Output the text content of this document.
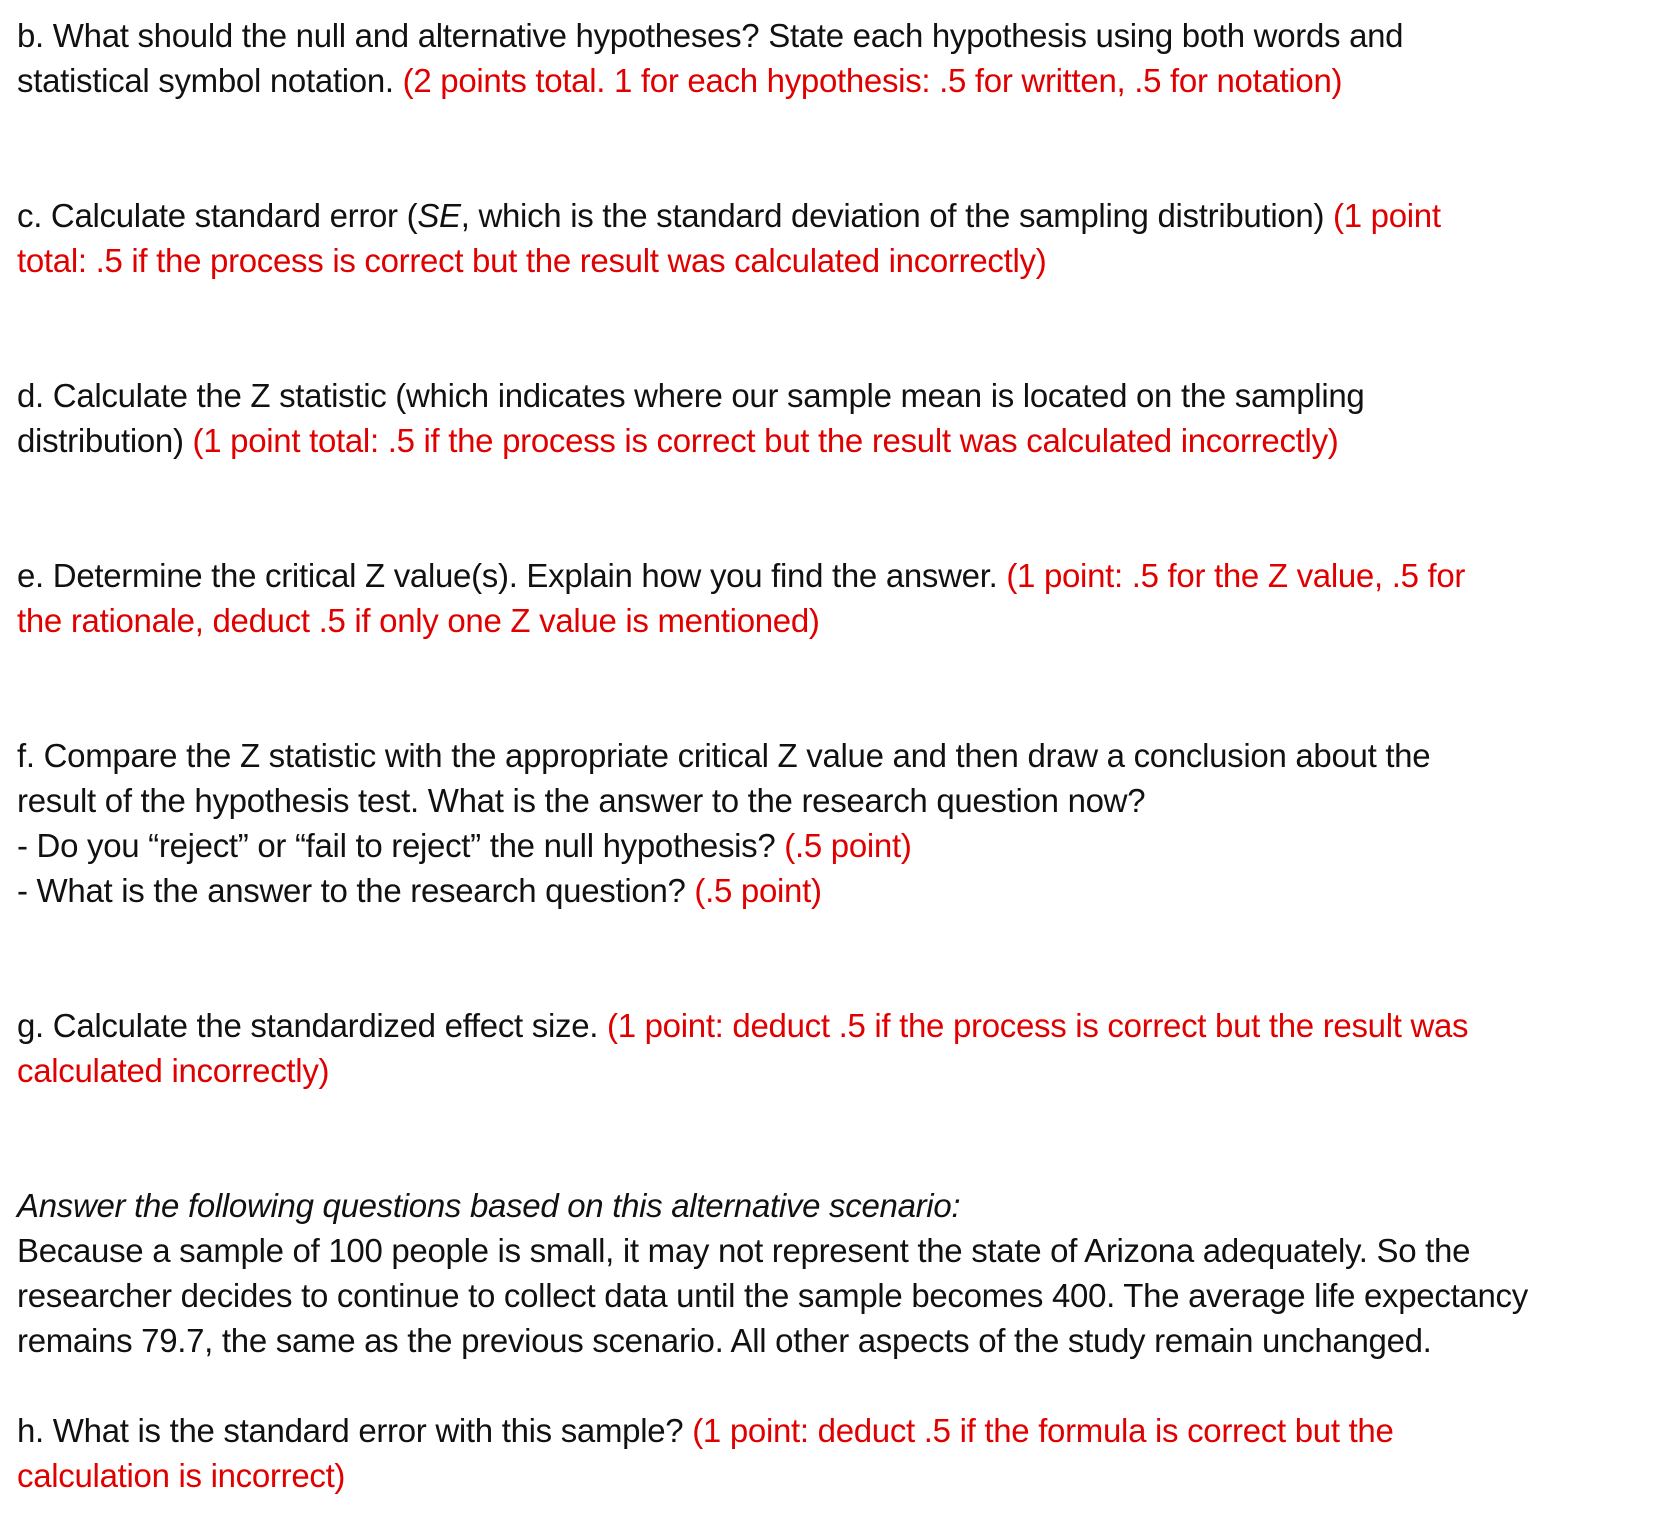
b. What should the null and alternative hypotheses? State each hypothesis using both words and
statistical symbol notation. (2 points total. 1 for each hypothesis: .5 for written, .5 for notation)
c. Calculate standard error (SE, which is the standard deviation of the sampling distribution) (1 point
total: .5 if the process is correct but the result was calculated incorrectly)
d. Calculate the Z statistic (which indicates where our sample mean is located on the sampling
distribution) (1 point total: .5 if the process is correct but the result was calculated incorrectly)
e. Determine the critical Z value(s). Explain how you find the answer. (1 point: .5 for the Z value, .5 for
the rationale, deduct .5 if only one Z value is mentioned)
f. Compare the Z statistic with the appropriate critical Z value and then draw a conclusion about the
result of the hypothesis test. What is the answer to the research question now?
- Do you “reject” or “fail to reject” the null hypothesis? (.5 point)
- What is the answer to the research question? (.5 point)
g. Calculate the standardized effect size. (1 point: deduct .5 if the process is correct but the result was
calculated incorrectly)
Answer the following questions based on this alternative scenario:
Because a sample of 100 people is small, it may not represent the state of Arizona adequately. So the
researcher decides to continue to collect data until the sample becomes 400. The average life expectancy
remains 79.7, the same as the previous scenario. All other aspects of the study remain unchanged.
h. What is the standard error with this sample? (1 point: deduct .5 if the formula is correct but the
calculation is incorrect)
